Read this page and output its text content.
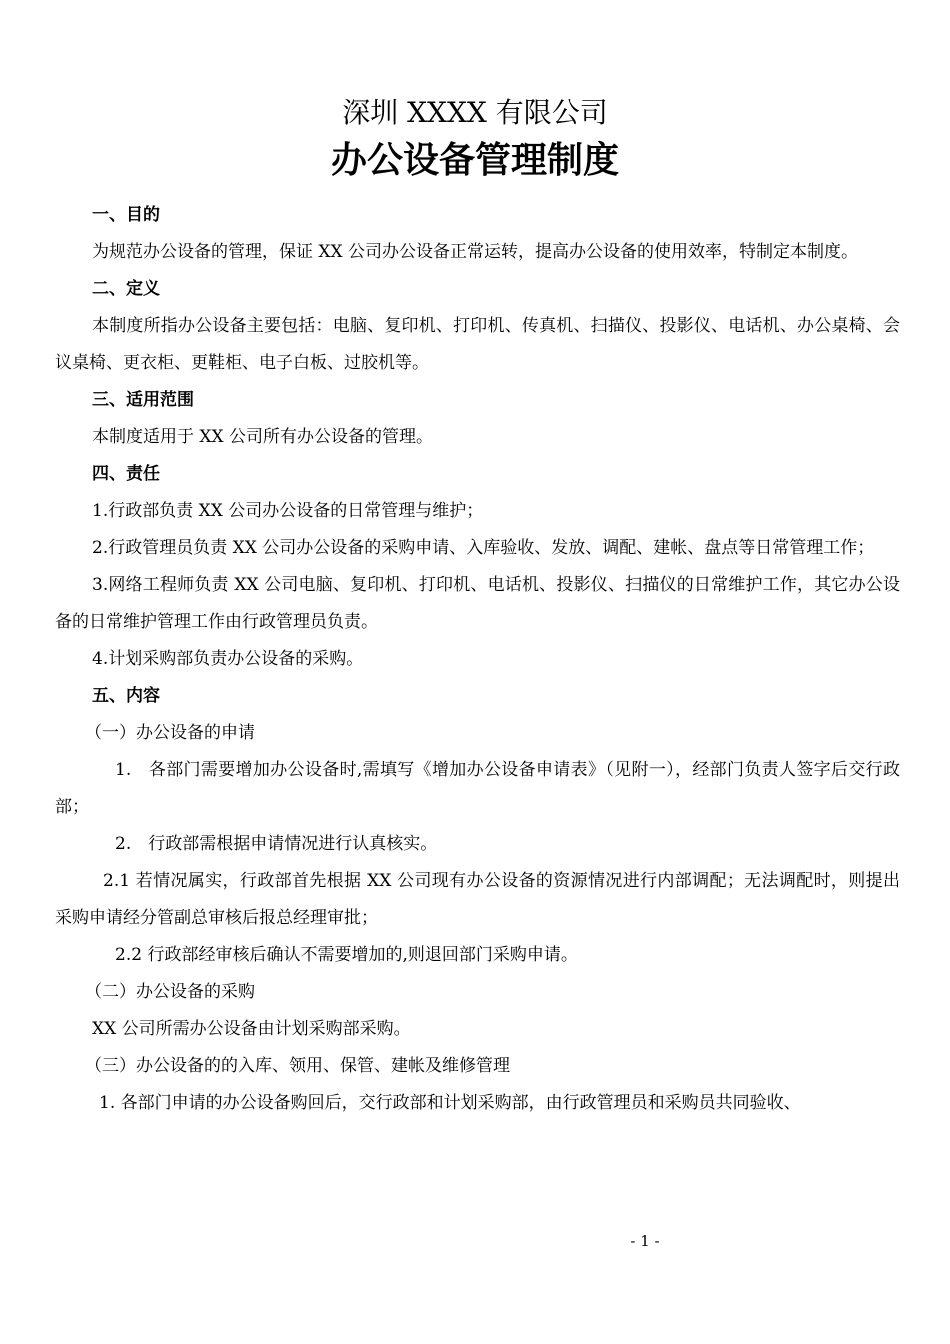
深圳 XXXX 有限公司
办公设备管理制度

一、目的

为规范办公设备的管理，保证 XX 公司办公设备正常运转，提高办公设备的使用效率，特制定本制度。

二、定义

本制度所指办公设备主要包括：电脑、复印机、打印机、传真机、扫描仪、投影仪、电话机、办公桌椅、会议桌椅、更衣柜、更鞋柜、电子白板、过胶机等。

三、适用范围

本制度适用于 XX 公司所有办公设备的管理。

四、责任

1.行政部负责 XX 公司办公设备的日常管理与维护；

2.行政管理员负责 XX 公司办公设备的采购申请、入库验收、发放、调配、建帐、盘点等日常管理工作；

3.网络工程师负责 XX 公司电脑、复印机、打印机、电话机、投影仪、扫描仪的日常维护工作，其它办公设备的日常维护管理工作由行政管理员负责。

4.计划采购部负责办公设备的采购。

五、内容

（一）办公设备的申请

1.　各部门需要增加办公设备时,需填写《增加办公设备申请表》（见附一），经部门负责人签字后交行政部；

2.　行政部需根据申请情况进行认真核实。

2.1 若情况属实，行政部首先根据 XX 公司现有办公设备的资源情况进行内部调配；无法调配时，则提出采购申请经分管副总审核后报总经理审批；

2.2 行政部经审核后确认不需要增加的,则退回部门采购申请。

（二）办公设备的采购

XX 公司所需办公设备由计划采购部采购。

（三）办公设备的的入库、领用、保管、建帐及维修管理

1. 各部门申请的办公设备购回后，交行政部和计划采购部，由行政管理员和采购员共同验收、

- 1 -
